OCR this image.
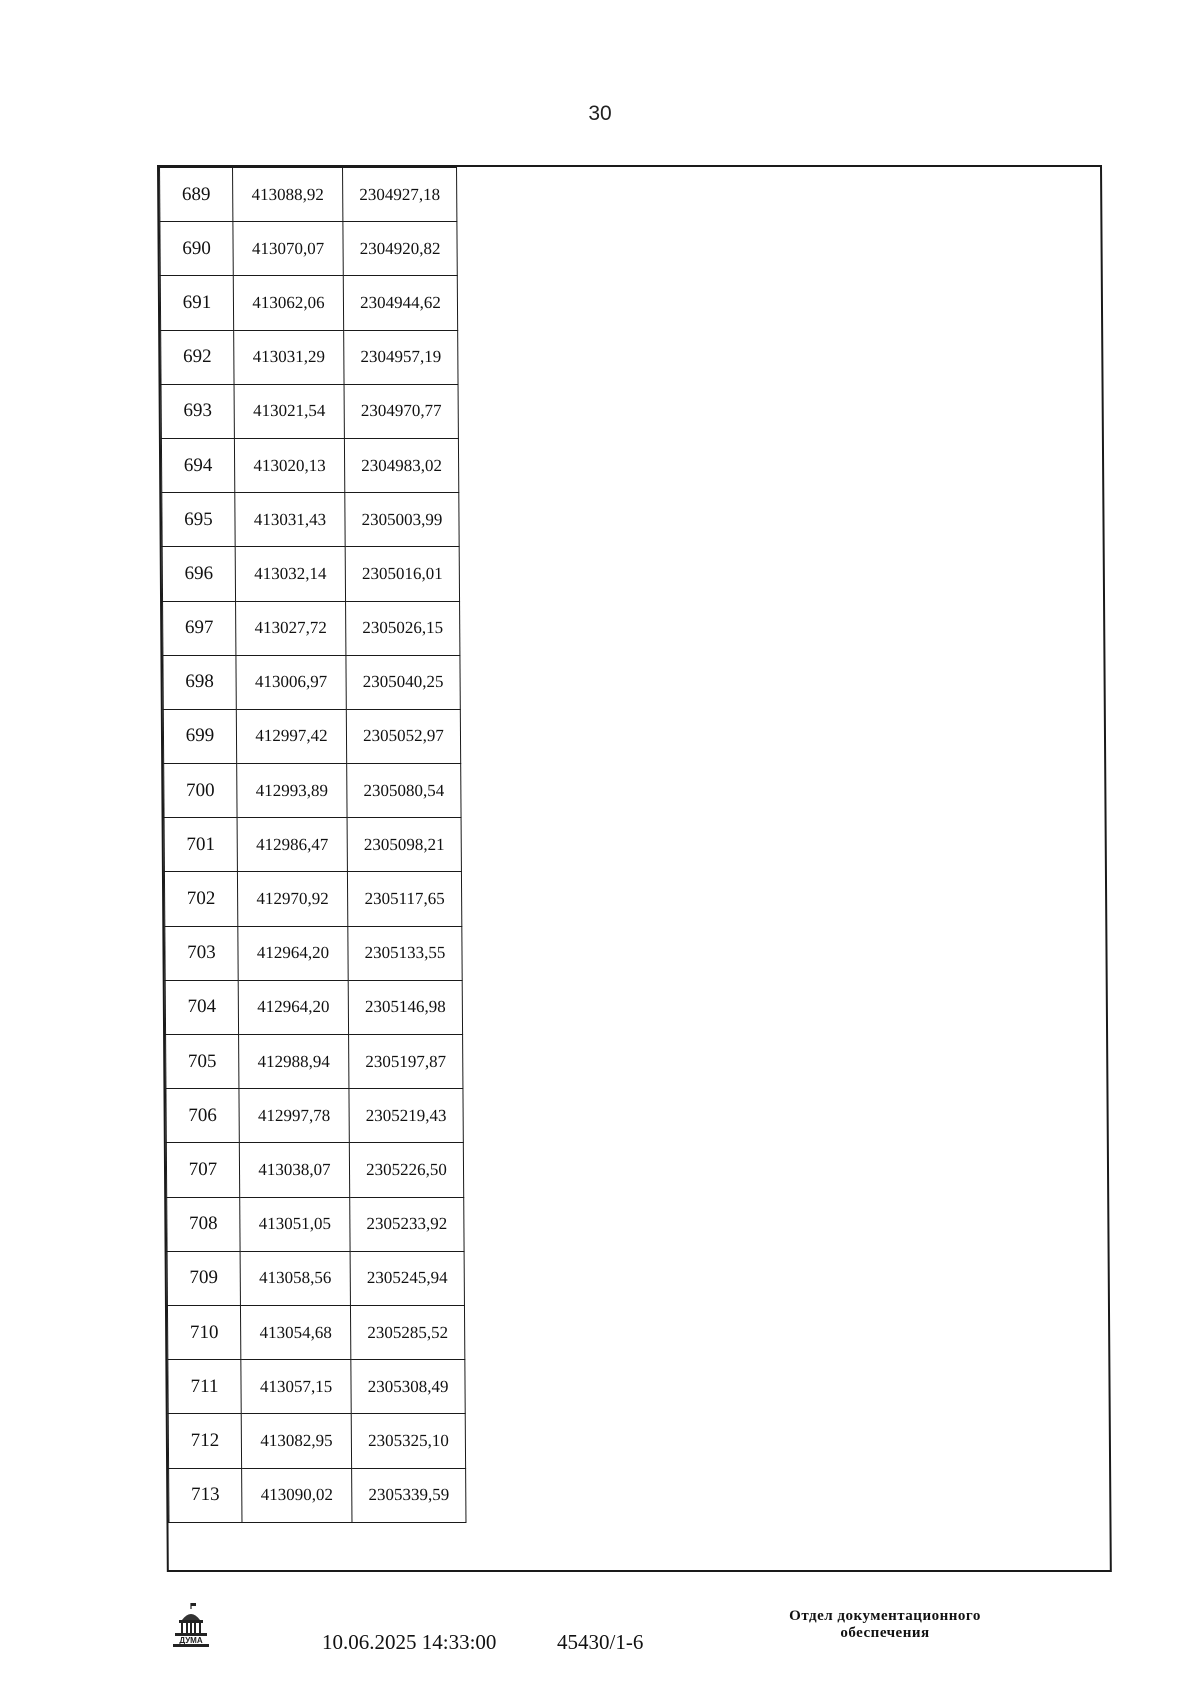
30
689	413088,92	2304927,18
690	413070,07	2304920,82
691	413062,06	2304944,62
692	413031,29	2304957,19
693	413021,54	2304970,77
694	413020,13	2304983,02
695	413031,43	2305003,99
696	413032,14	2305016,01
697	413027,72	2305026,15
698	413006,97	2305040,25
699	412997,42	2305052,97
700	412993,89	2305080,54
701	412986,47	2305098,21
702	412970,92	2305117,65
703	412964,20	2305133,55
704	412964,20	2305146,98
705	412988,94	2305197,87
706	412997,78	2305219,43
707	413038,07	2305226,50
708	413051,05	2305233,92
709	413058,56	2305245,94
710	413054,68	2305285,52
711	413057,15	2305308,49
712	413082,95	2305325,10
713	413090,02	2305339,59
ДУМА	10.06.2025 14:33:00	45430/1-6
Отдел документационного
обеспечения
